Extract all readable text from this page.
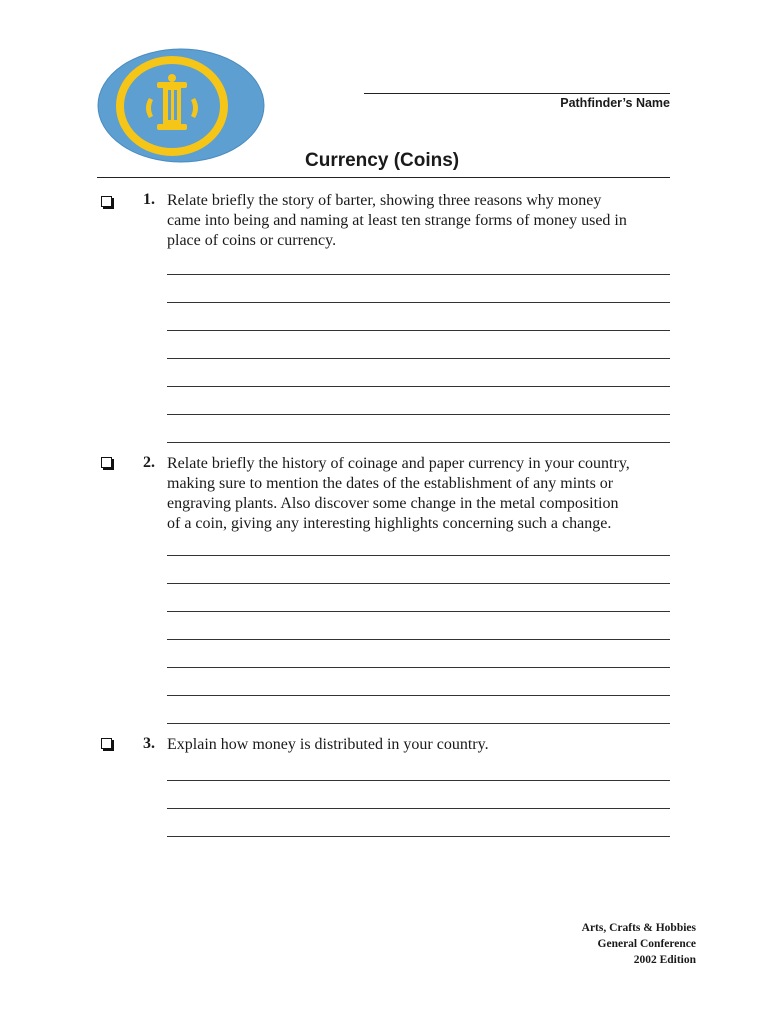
Pathfinder’s Name
Currency (Coins)
1. Relate briefly the story of barter, showing three reasons why money
came into being and naming at least ten strange forms of money used in
place of coins or currency.
2. Relate briefly the history of coinage and paper currency in your country,
making sure to mention the dates of the establishment of any mints or
engraving plants. Also discover some change in the metal composition
of a coin, giving any interesting highlights concerning such a change.
3. Explain how money is distributed in your country.
Arts, Crafts & Hobbies
General Conference
2002 Edition
